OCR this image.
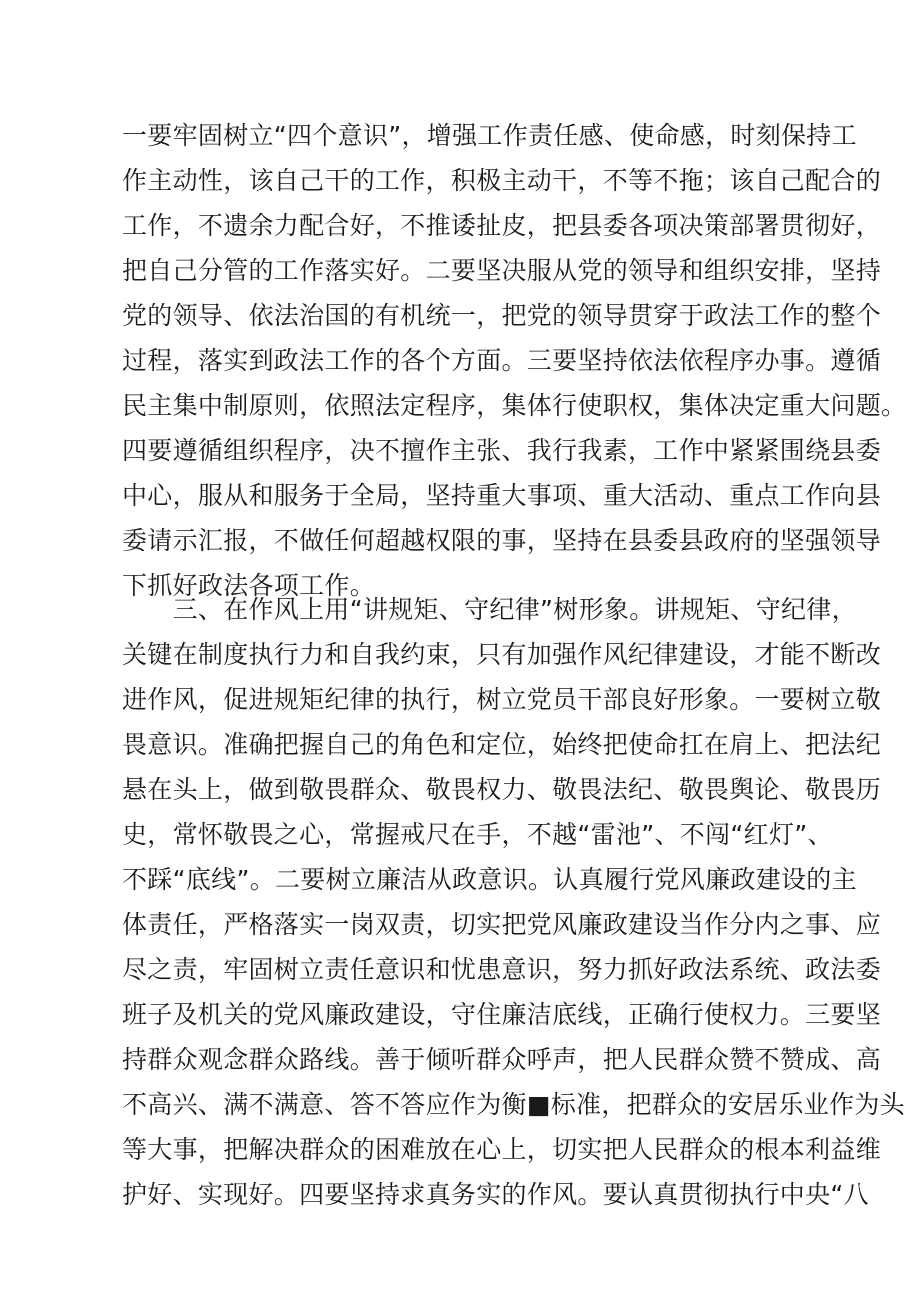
一要牢固树立“四个意识”，增强工作责任感、使命感，时刻保持工
作主动性，该自己干的工作，积极主动干，不等不拖；该自己配合的
工作，不遗余力配合好，不推诿扯皮，把县委各项决策部署贯彻好，
把自己分管的工作落实好。二要坚决服从党的领导和组织安排，坚持
党的领导、依法治国的有机统一，把党的领导贯穿于政法工作的整个
过程，落实到政法工作的各个方面。三要坚持依法依程序办事。遵循
民主集中制原则，依照法定程序，集体行使职权，集体决定重大问题。
四要遵循组织程序，决不擅作主张、我行我素，工作中紧紧围绕县委
中心，服从和服务于全局，坚持重大事项、重大活动、重点工作向县
委请示汇报，不做任何超越权限的事，坚持在县委县政府的坚强领导
下抓好政法各项工作。
　　三、在作风上用“讲规矩、守纪律”树形象。讲规矩、守纪律，
关键在制度执行力和自我约束，只有加强作风纪律建设，才能不断改
进作风，促进规矩纪律的执行，树立党员干部良好形象。一要树立敬
畏意识。准确把握自己的角色和定位，始终把使命扛在肩上、把法纪
悬在头上，做到敬畏群众、敬畏权力、敬畏法纪、敬畏舆论、敬畏历
史，常怀敬畏之心，常握戒尺在手，不越“雷池”、不闯“红灯”、
不踩“底线”。二要树立廉洁从政意识。认真履行党风廉政建设的主
体责任，严格落实一岗双责，切实把党风廉政建设当作分内之事、应
尽之责，牢固树立责任意识和忧患意识，努力抓好政法系统、政法委
班子及机关的党风廉政建设，守住廉洁底线，正确行使权力。三要坚
持群众观念群众路线。善于倾听群众呼声，把人民群众赞不赞成、高
不高兴、满不满意、答不答应作为衡■标准，把群众的安居乐业作为头
等大事，把解决群众的困难放在心上，切实把人民群众的根本利益维
护好、实现好。四要坚持求真务实的作风。要认真贯彻执行中央“八
